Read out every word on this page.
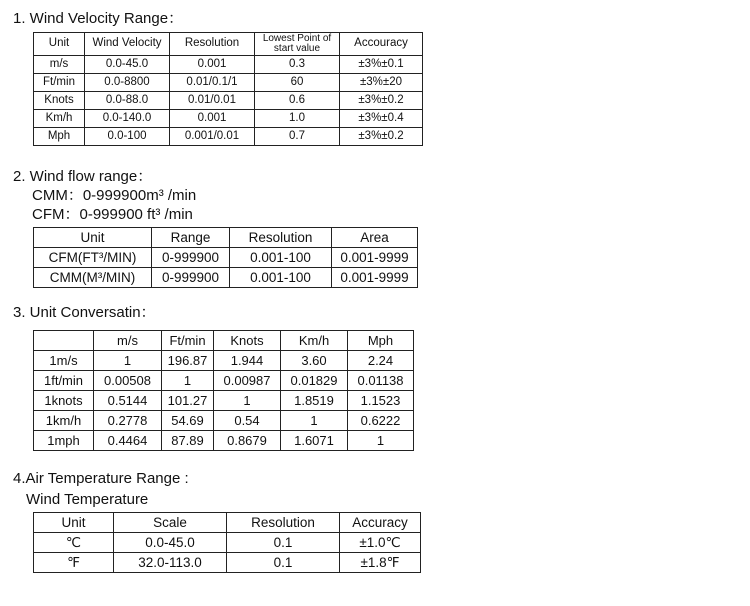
1. Wind Velocity Range：
Unit	Wind Velocity	Resolution	Lowest Point of start value	Accouracy
m/s	0.0-45.0	0.001	0.3	±3%±0.1
Ft/min	0.0-8800	0.01/0.1/1	60	±3%±20
Knots	0.0-88.0	0.01/0.01	0.6	±3%±0.2
Km/h	0.0-140.0	0.001	1.0	±3%±0.4
Mph	0.0-100	0.001/0.01	0.7	±3%±0.2
2. Wind flow range：
CMM：0-999900m³ /min
CFM：0-999900 ft³ /min
Unit	Range	Resolution	Area
CFM(FT³/MIN)	0-999900	0.001-100	0.001-9999
CMM(M³/MIN)	0-999900	0.001-100	0.001-9999
3. Unit Conversatin：
	m/s	Ft/min	Knots	Km/h	Mph
1m/s	1	196.87	1.944	3.60	2.24
1ft/min	0.00508	1	0.00987	0.01829	0.01138
1knots	0.5144	101.27	1	1.8519	1.1523
1km/h	0.2778	54.69	0.54	1	0.6222
1mph	0.4464	87.89	0.8679	1.6071	1
4.Air Temperature Range :
Wind Temperature
Unit	Scale	Resolution	Accuracy
℃	0.0-45.0	0.1	±1.0℃
℉	32.0-113.0	0.1	±1.8℉
